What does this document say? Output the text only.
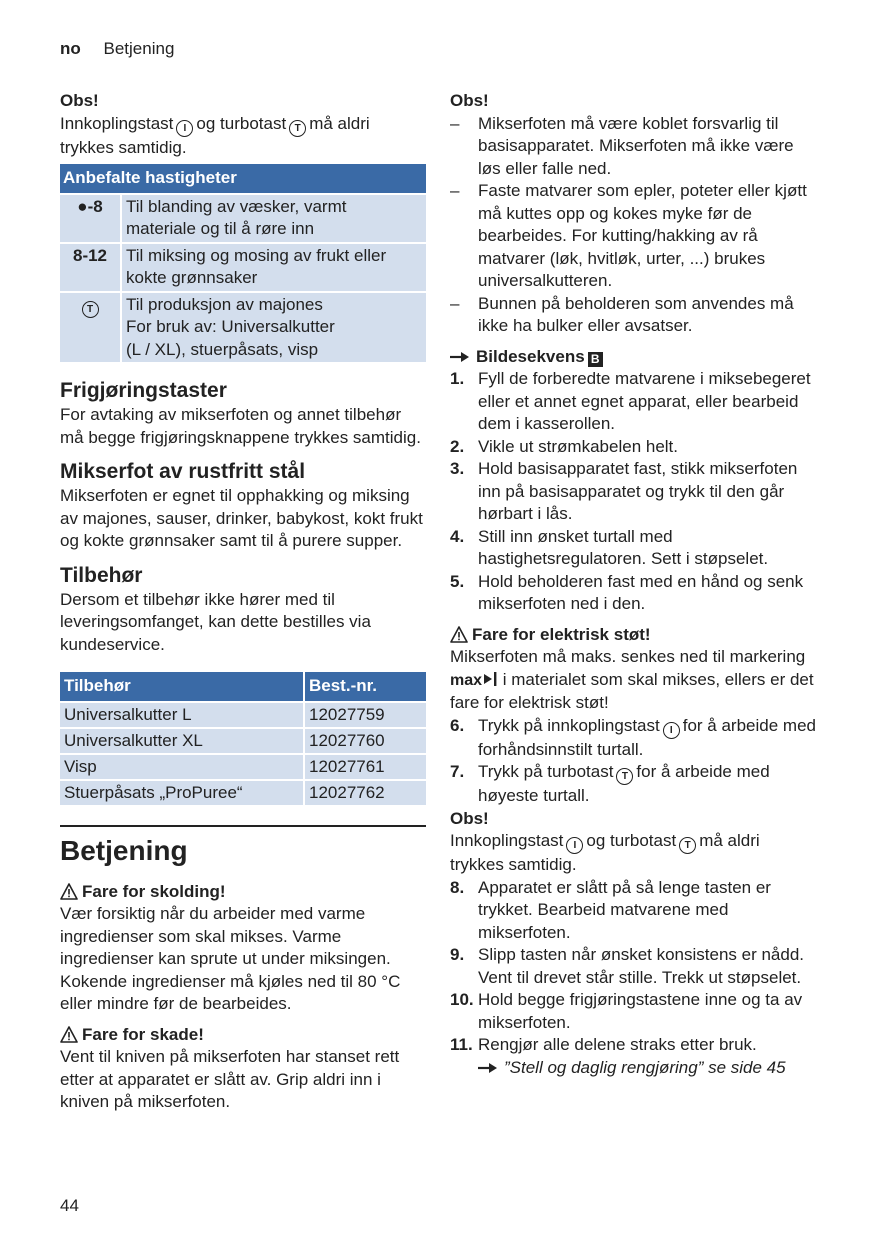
no Betjening

Obs!

Innkoplingstast I og turbotast T må aldri trykkes samtidig.

Anbefalte hastigheter	
●-8	Til blanding av væsker, varmt
materiale og til å røre inn

8-12	Til miksing og mosing av frukt eller
kokte grønnsaker

T	Til produksjon av majones
For bruk av: Universalkutter
(L / XL), stuerpåsats, visp
Frigjøringstaster

For avtaking av mikserfoten og annet tilbehør må begge frigjøringsknappene trykkes samtidig.

Mikserfot av rustfritt stål

Mikserfoten er egnet til opphakking og miksing av majones, sauser, drinker, babykost, kokt frukt og kokte grønnsaker samt til å purere supper.

Tilbehør

Dersom et tilbehør ikke hører med til leveringsomfanget, kan dette bestilles via kundeservice.

Tilbehør	Best.-nr.
Universalkutter L	12027759
Universalkutter XL	12027760
Visp	12027761
Stuerpåsats „ProPuree“	12027762
Betjening

Fare for skolding!

Vær forsiktig når du arbeider med varme ingredienser som skal mikses. Varme ingredienser kan sprute ut under miksingen. Kokende ingredienser må kjøles ned til 80 °C eller mindre før de bearbeides.

Fare for skade!

Vent til kniven på mikserfoten har stanset rett etter at apparatet er slått av. Grip aldri inn i kniven på mikserfoten.

Obs!

–	Mikserfoten må være koblet forsvarlig til basisapparatet. Mikserfoten må ikke være løs eller falle ned.
–	Faste matvarer som epler, poteter eller kjøtt må kuttes opp og kokes myke før de bearbeides. For kutting/hakking av rå matvarer (løk, hvitløk, urter, ...) brukes universalkutteren.
–	Bunnen på beholderen som anvendes må ikke ha bulker eller avsatser.

Bildesekvens B

1. Fyll de forberedte matvarene i miksebegeret eller et annet egnet apparat, eller bearbeid dem i kasserollen.
2. Vikle ut strømkabelen helt.
3. Hold basisapparatet fast, stikk mikserfoten inn på basisapparatet og trykk til den går hørbart i lås.
4. Still inn ønsket turtall med hastighetsregulatoren. Sett i støpselet.
5. Hold beholderen fast med en hånd og senk mikserfoten ned i den.

Fare for elektrisk støt!

Mikserfoten må maks. senkes ned til markering max i materialet som skal mikses, ellers er det fare for elektrisk støt!

6. Trykk på innkoplingstast I for å arbeide med forhåndsinnstilt turtall.
7. Trykk på turbotast T for å arbeide med høyeste turtall.

Obs!

Innkoplingstast I og turbotast T må aldri trykkes samtidig.

8. Apparatet er slått på så lenge tasten er trykket. Bearbeid matvarene med mikserfoten.
9. Slipp tasten når ønsket konsistens er nådd. Vent til drevet står stille. Trekk ut støpselet.
10. Hold begge frigjøringstastene inne og ta av mikserfoten.
11. Rengjør alle delene straks etter bruk.
”Stell og daglig rengjøring” se side 45
44
